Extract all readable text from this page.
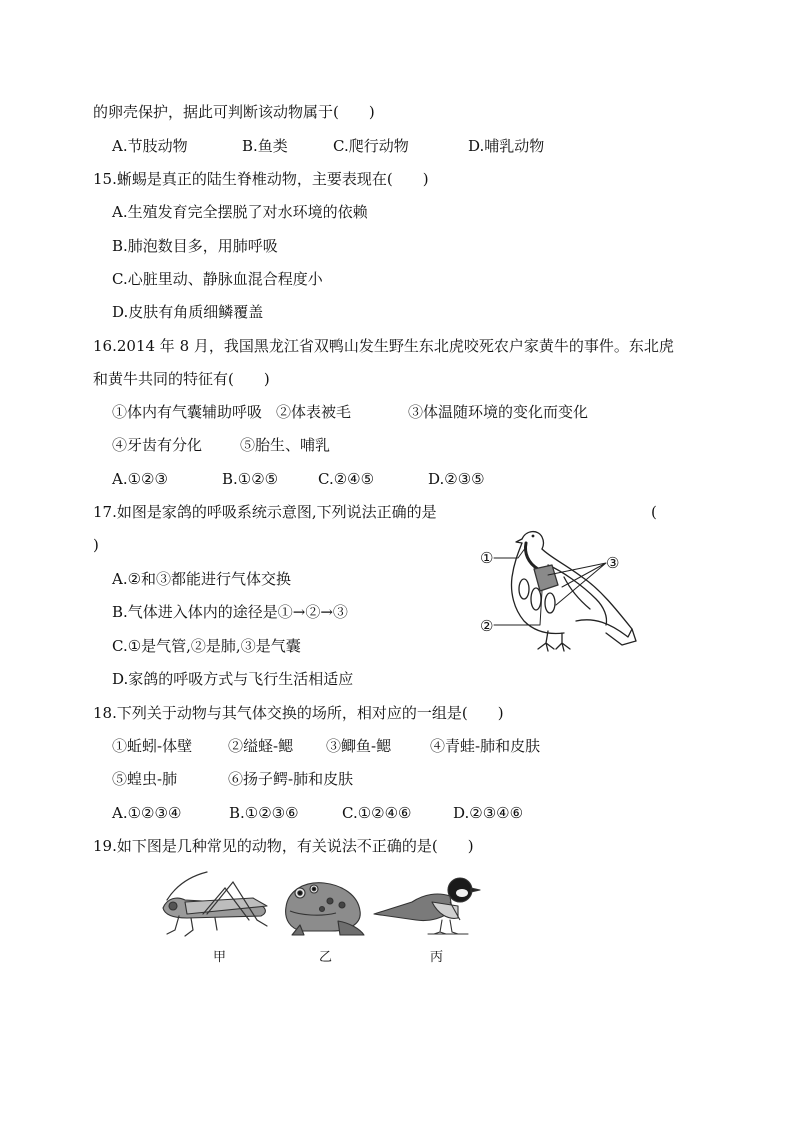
的卵壳保护，据此可判断该动物属于(　　)
A.节肢动物	B.鱼类	C.爬行动物	D.哺乳动物
15.蜥蜴是真正的陆生脊椎动物，主要表现在(　　)
A.生殖发育完全摆脱了对水环境的依赖
B.肺泡数目多，用肺呼吸
C.心脏里动、静脉血混合程度小
D.皮肤有角质细鳞覆盖
16.2014 年 8 月，我国黑龙江省双鸭山发生野生东北虎咬死农户家黄牛的事件。东北虎
和黄牛共同的特征有(　　)
①体内有气囊辅助呼吸 ②体表被毛	③体温随环境的变化而变化
④牙齿有分化	⑤胎生、哺乳
A.①②③	B.①②⑤	C.②④⑤	D.②③⑤
17.如图是家鸽的呼吸系统示意图,下列说法正确的是	(
)
A.②和③都能进行气体交换
B.气体进入体内的途径是①→②→③
C.①是气管,②是肺,③是气囊
D.家鸽的呼吸方式与飞行生活相适应
①
②
③
18.下列关于动物与其气体交换的场所，相对应的一组是(　　)
①蚯蚓-体壁 ②缢蛏-鳃 ③鲫鱼-鳃	④青蛙-肺和皮肤
⑤蝗虫-肺	⑥扬子鳄-肺和皮肤
A.①②③④	B.①②③⑥	C.①②④⑥	D.②③④⑥
19.如下图是几种常见的动物，有关说法不正确的是(　　)
甲	乙	丙
